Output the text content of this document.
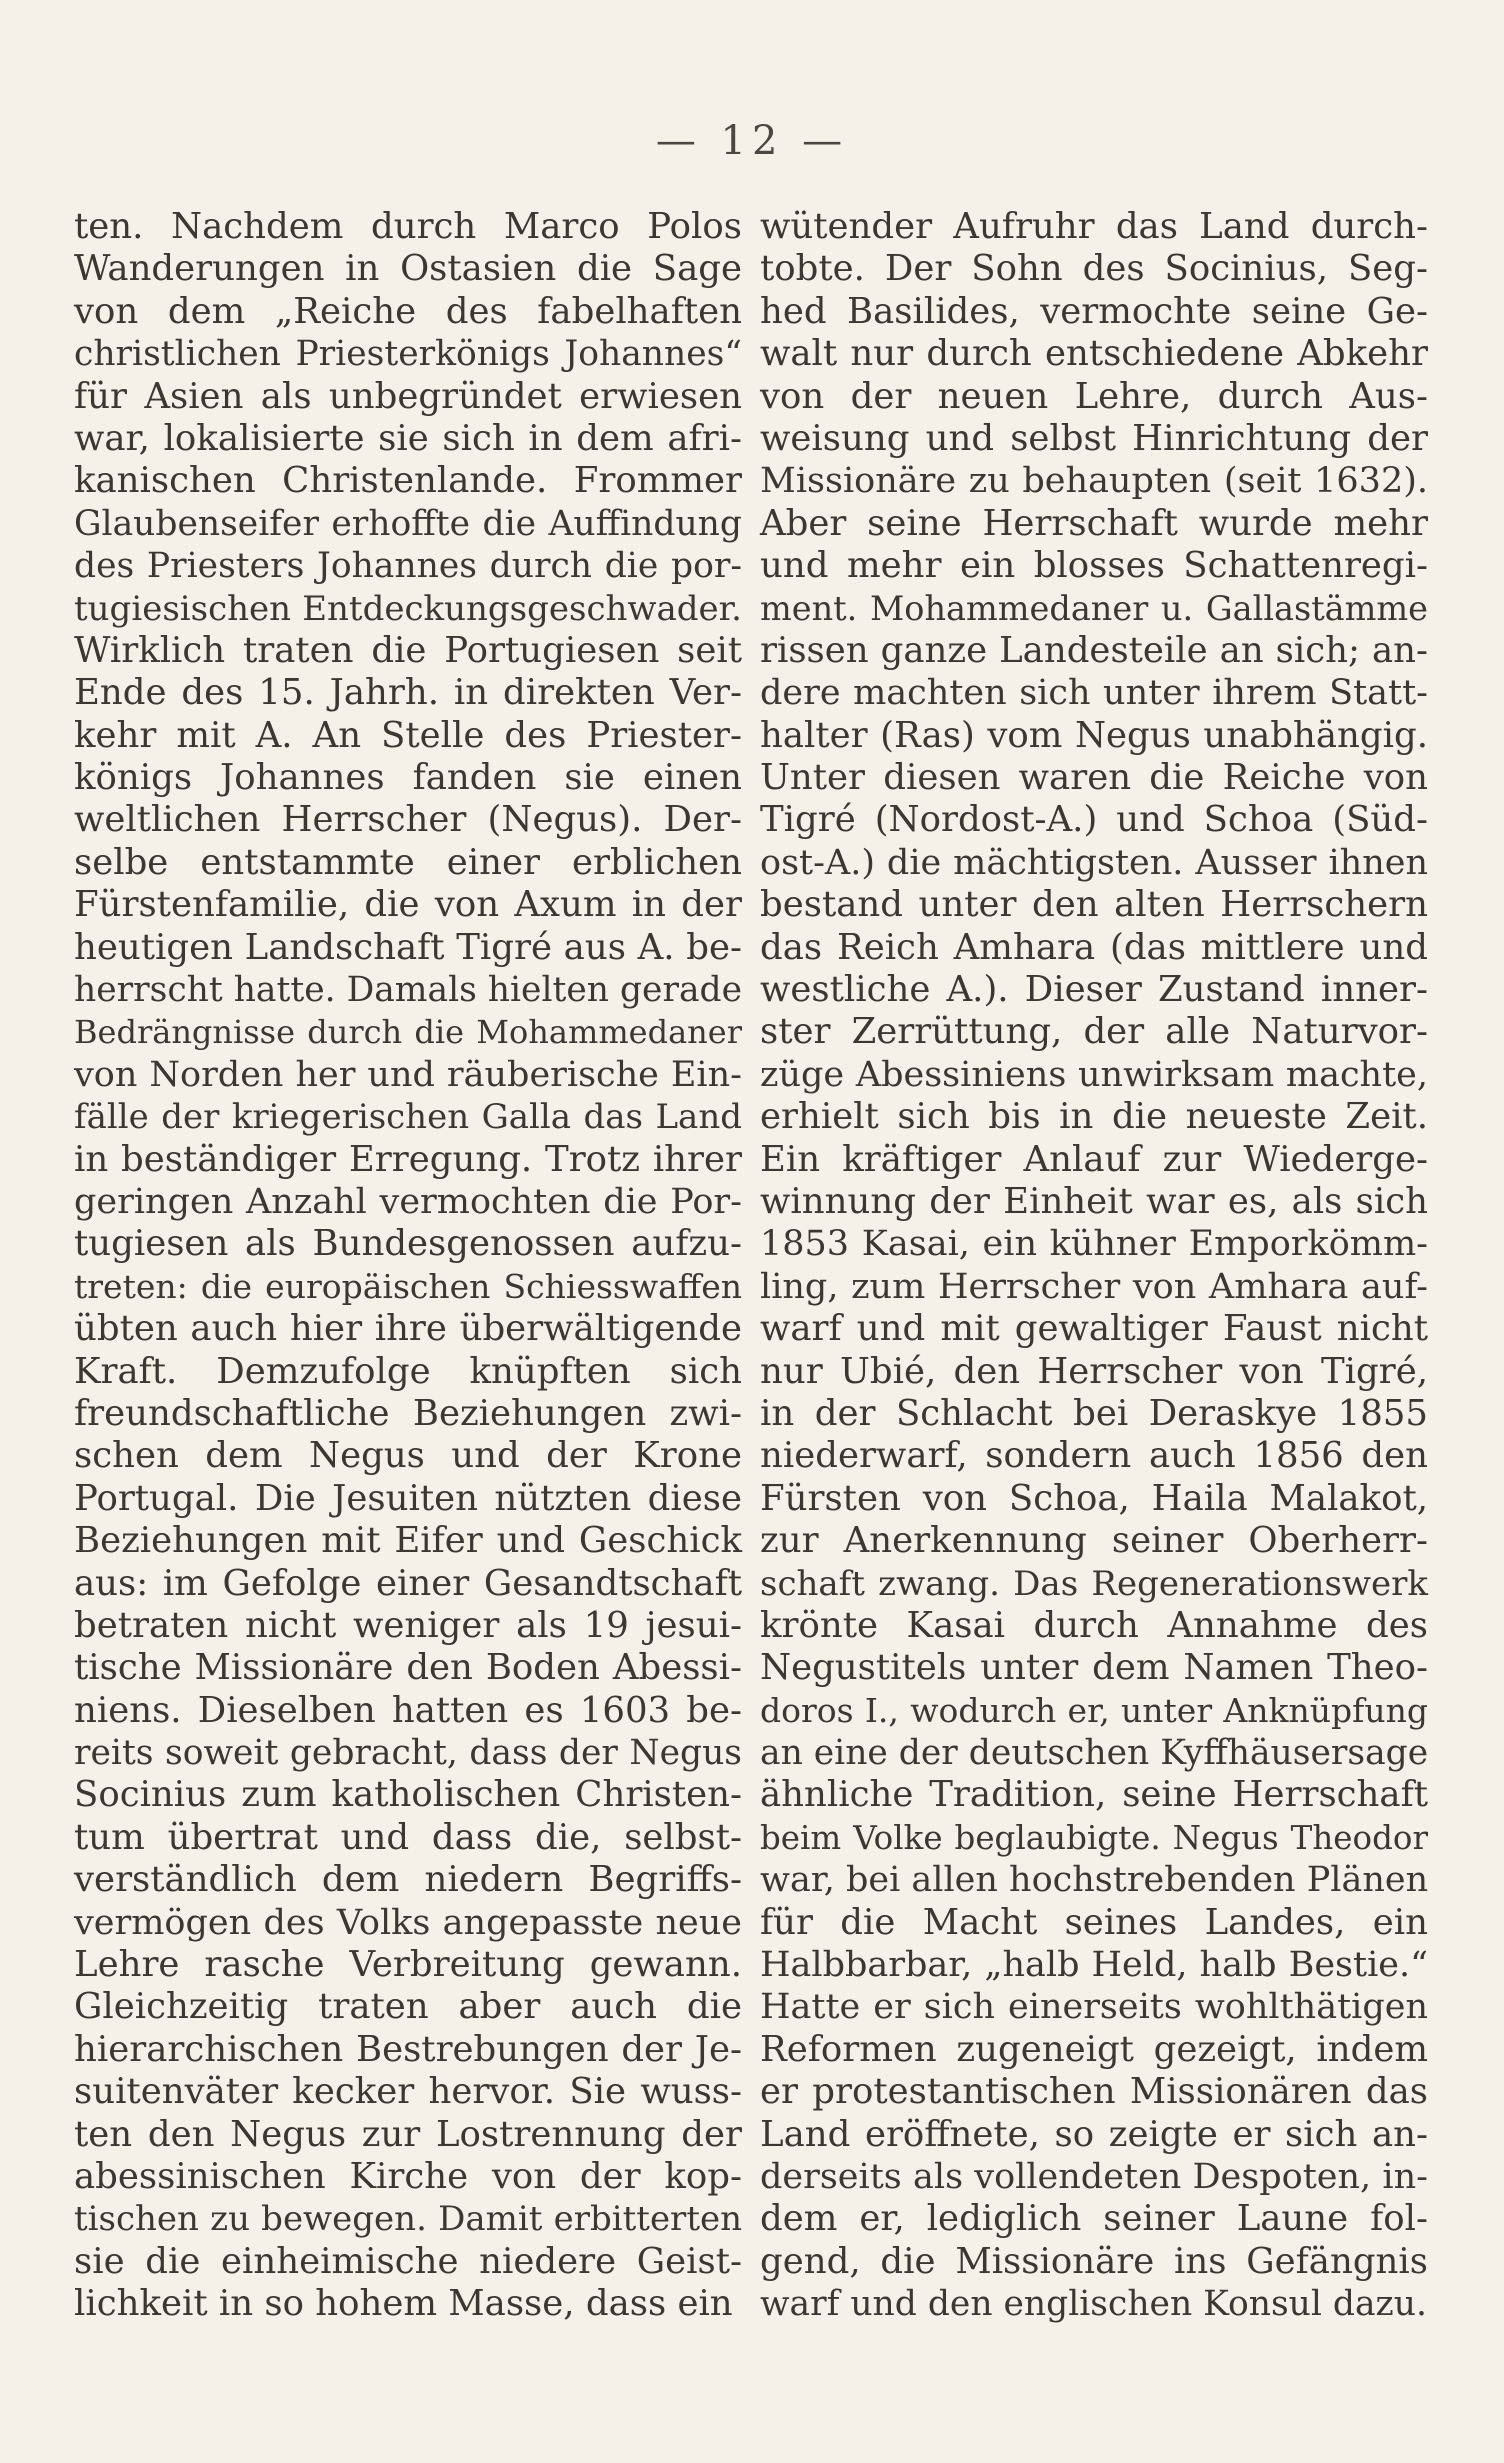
— 12 —
ten. Nachdem durch Marco Polos
Wanderungen in Ostasien die Sage
von dem „Reiche des fabelhaften
christlichen Priesterkönigs Johannes“
für Asien als unbegründet erwiesen
war, lokalisierte sie sich in dem afri-
kanischen Christenlande. Frommer
Glaubenseifer erhoffte die Auffindung
des Priesters Johannes durch die por-
tugiesischen Entdeckungsgeschwader.
Wirklich traten die Portugiesen seit
Ende des 15. Jahrh. in direkten Ver-
kehr mit A. An Stelle des Priester-
königs Johannes fanden sie einen
weltlichen Herrscher (Negus). Der-
selbe entstammte einer erblichen
Fürstenfamilie, die von Axum in der
heutigen Landschaft Tigré aus A. be-
herrscht hatte. Damals hielten gerade
Bedrängnisse durch die Mohammedaner
von Norden her und räuberische Ein-
fälle der kriegerischen Galla das Land
in beständiger Erregung. Trotz ihrer
geringen Anzahl vermochten die Por-
tugiesen als Bundesgenossen aufzu-
treten: die europäischen Schiesswaffen
übten auch hier ihre überwältigende
Kraft. Demzufolge knüpften sich
freundschaftliche Beziehungen zwi-
schen dem Negus und der Krone
Portugal. Die Jesuiten nützten diese
Beziehungen mit Eifer und Geschick
aus: im Gefolge einer Gesandtschaft
betraten nicht weniger als 19 jesui-
tische Missionäre den Boden Abessi-
niens. Dieselben hatten es 1603 be-
reits soweit gebracht, dass der Negus
Socinius zum katholischen Christen-
tum übertrat und dass die, selbst-
verständlich dem niedern Begriffs-
vermögen des Volks angepasste neue
Lehre rasche Verbreitung gewann.
Gleichzeitig traten aber auch die
hierarchischen Bestrebungen der Je-
suitenväter kecker hervor. Sie wuss-
ten den Negus zur Lostrennung der
abessinischen Kirche von der kop-
tischen zu bewegen. Damit erbitterten
sie die einheimische niedere Geist-
lichkeit in so hohem Masse, dass ein
wütender Aufruhr das Land durch-
tobte. Der Sohn des Socinius, Seg-
hed Basilides, vermochte seine Ge-
walt nur durch entschiedene Abkehr
von der neuen Lehre, durch Aus-
weisung und selbst Hinrichtung der
Missionäre zu behaupten (seit 1632).
Aber seine Herrschaft wurde mehr
und mehr ein blosses Schattenregi-
ment. Mohammedaner u. Gallastämme
rissen ganze Landesteile an sich; an-
dere machten sich unter ihrem Statt-
halter (Ras) vom Negus unabhängig.
Unter diesen waren die Reiche von
Tigré (Nordost-A.) und Schoa (Süd-
ost-A.) die mächtigsten. Ausser ihnen
bestand unter den alten Herrschern
das Reich Amhara (das mittlere und
westliche A.). Dieser Zustand inner-
ster Zerrüttung, der alle Naturvor-
züge Abessiniens unwirksam machte,
erhielt sich bis in die neueste Zeit.
Ein kräftiger Anlauf zur Wiederge-
winnung der Einheit war es, als sich
1853 Kasai, ein kühner Emporkömm-
ling, zum Herrscher von Amhara auf-
warf und mit gewaltiger Faust nicht
nur Ubié, den Herrscher von Tigré,
in der Schlacht bei Deraskye 1855
niederwarf, sondern auch 1856 den
Fürsten von Schoa, Haila Malakot,
zur Anerkennung seiner Oberherr-
schaft zwang. Das Regenerationswerk
krönte Kasai durch Annahme des
Negustitels unter dem Namen Theo-
doros I., wodurch er, unter Anknüpfung
an eine der deutschen Kyffhäusersage
ähnliche Tradition, seine Herrschaft
beim Volke beglaubigte. Negus Theodor
war, bei allen hochstrebenden Plänen
für die Macht seines Landes, ein
Halbbarbar, „halb Held, halb Bestie.“
Hatte er sich einerseits wohlthätigen
Reformen zugeneigt gezeigt, indem
er protestantischen Missionären das
Land eröffnete, so zeigte er sich an-
derseits als vollendeten Despoten, in-
dem er, lediglich seiner Laune fol-
gend, die Missionäre ins Gefängnis
warf und den englischen Konsul dazu.
